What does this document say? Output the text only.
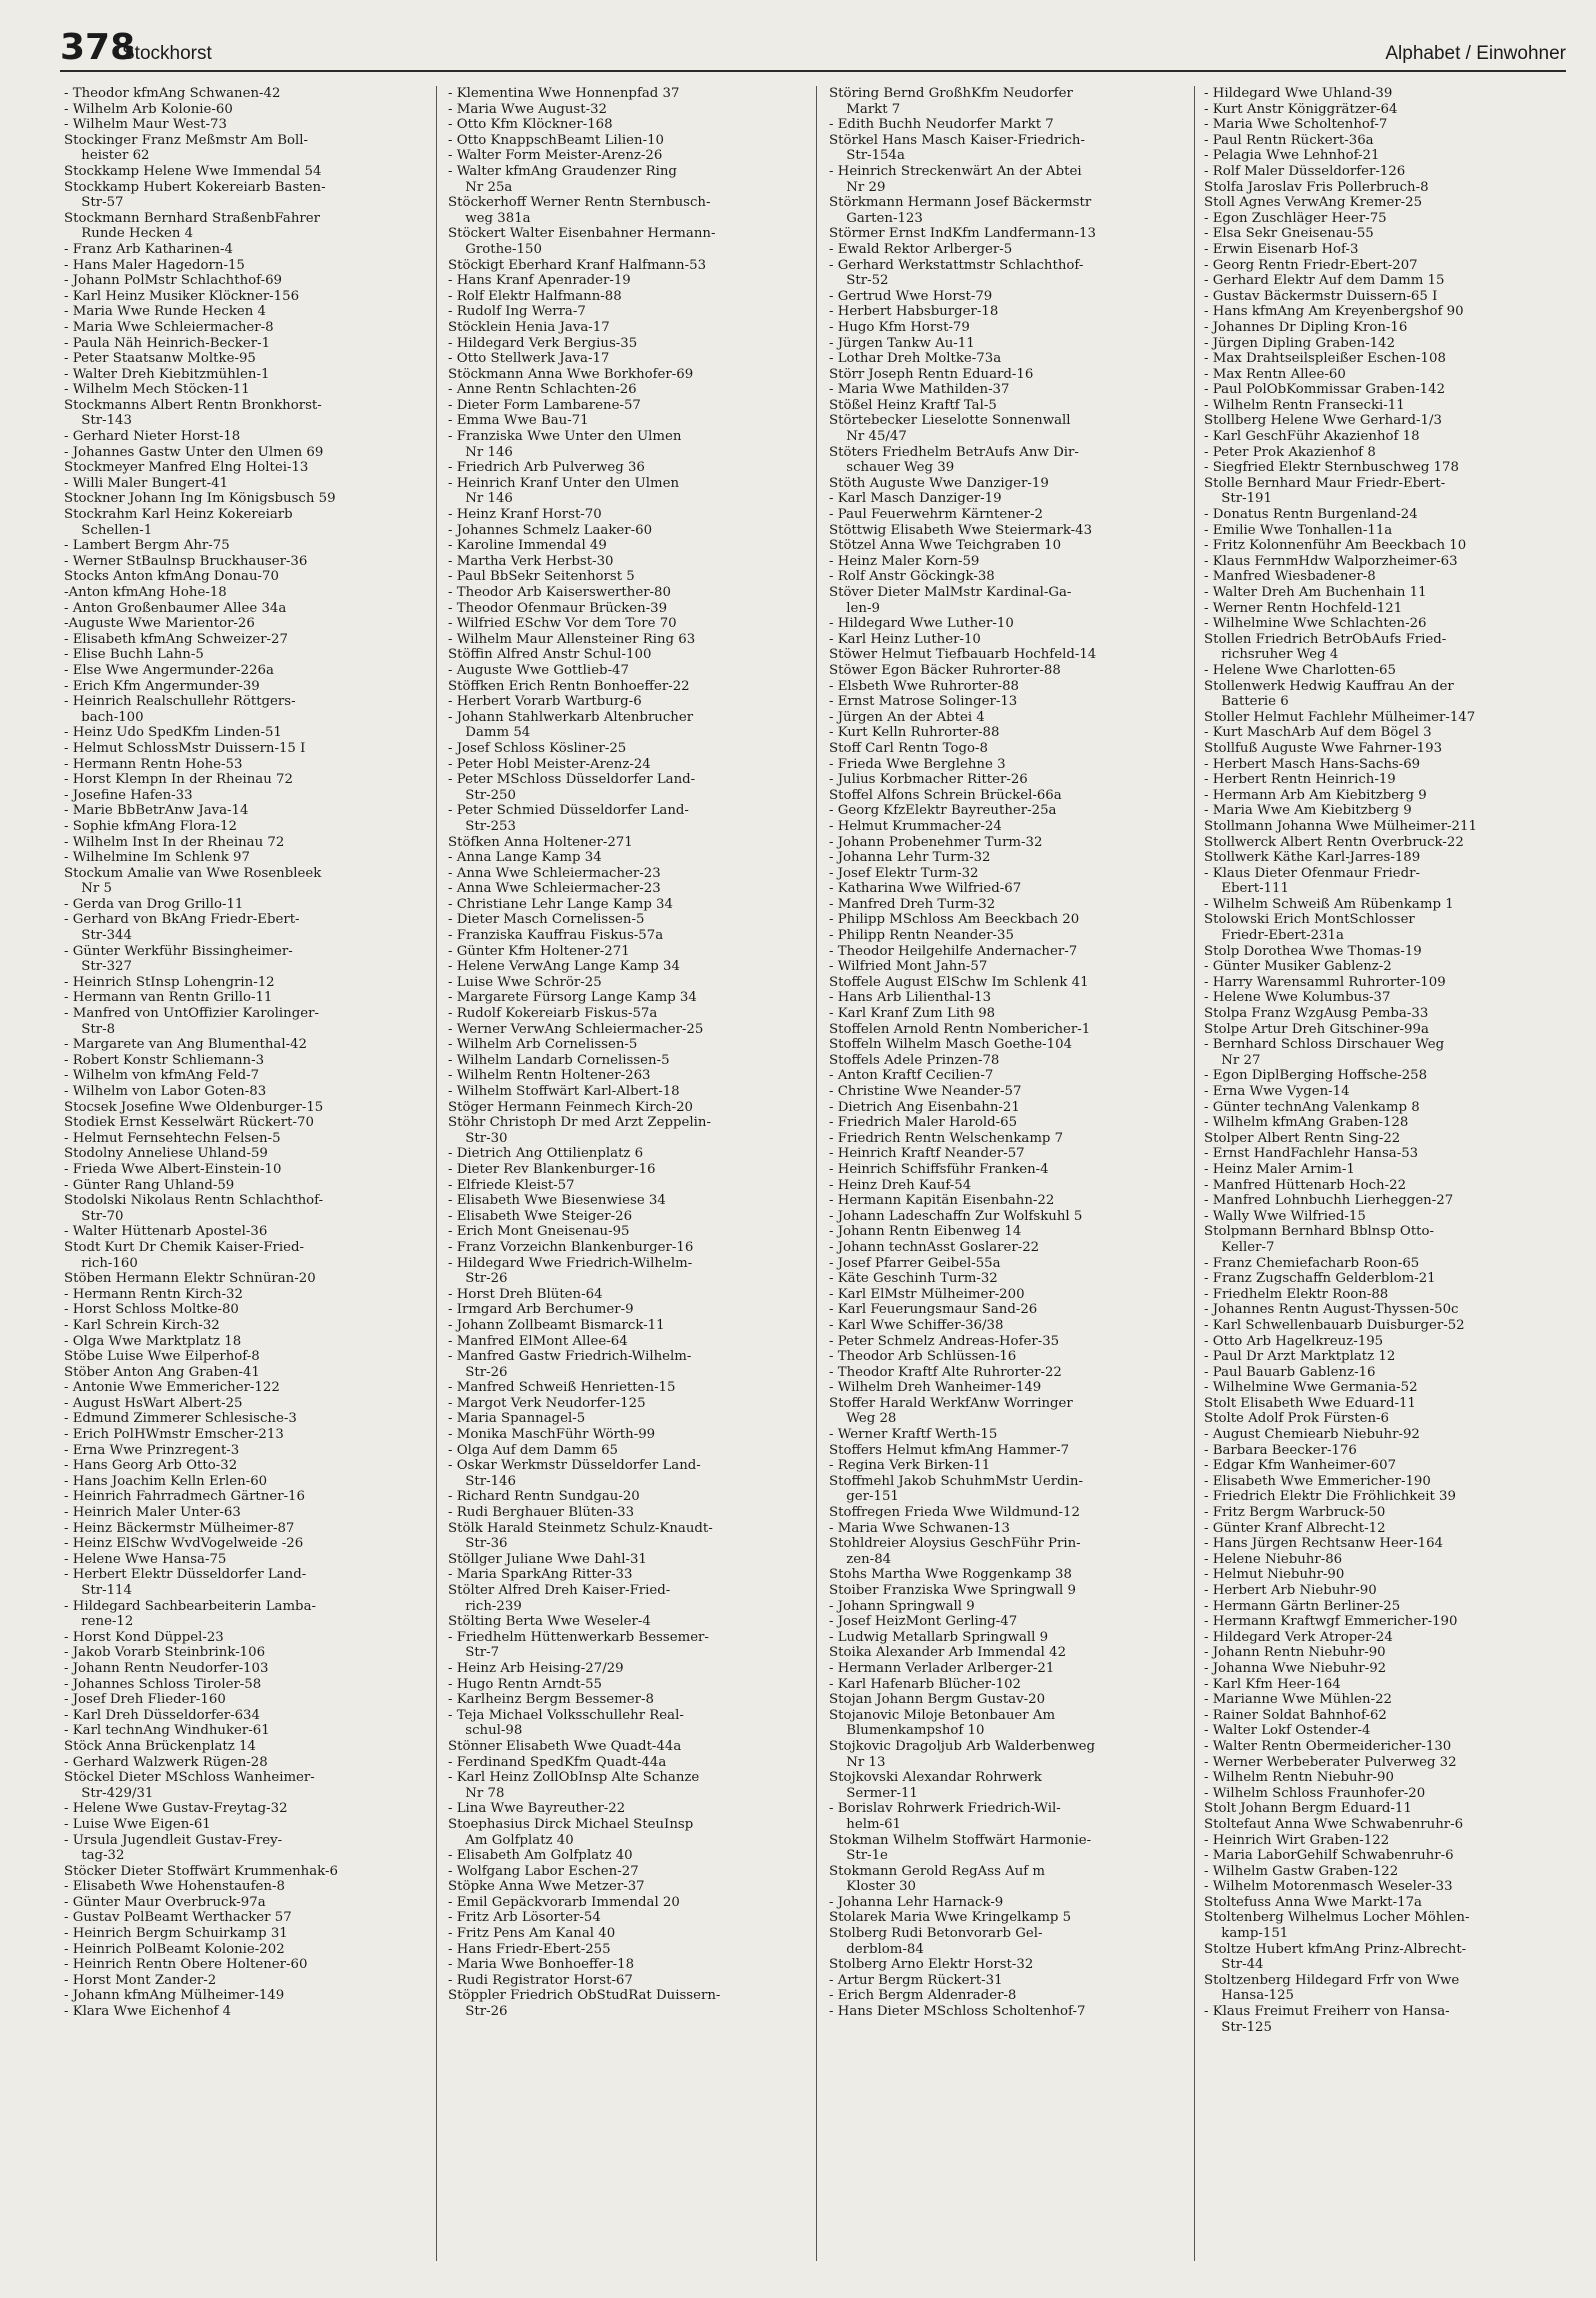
378
Stockhorst	Alphabet / Einwohner
- Theodor kfmAng Schwanen-42
- Wilhelm Arb Kolonie-60
- Wilhelm Maur West-73
Stockinger Franz Meßmstr Am Boll-
heister 62
Stockkamp Helene Wwe Immendal 54
Stockkamp Hubert Kokereiarb Basten-
Str-57
Stockmann Bernhard StraßenbFahrer
Runde Hecken 4
- Franz Arb Katharinen-4
- Hans Maler Hagedorn-15
- Johann PolMstr Schlachthof-69
- Karl Heinz Musiker Klöckner-156
- Maria Wwe Runde Hecken 4
- Maria Wwe Schleiermacher-8
- Paula Näh Heinrich-Becker-1
- Peter Staatsanw Moltke-95
- Walter Dreh Kiebitzmühlen-1
- Wilhelm Mech Stöcken-11
Stockmanns Albert Rentn Bronkhorst-
Str-143
- Gerhard Nieter Horst-18
- Johannes Gastw Unter den Ulmen 69
Stockmeyer Manfred Elng Holtei-13
- Willi Maler Bungert-41
Stockner Johann Ing Im Königsbusch 59
Stockrahm Karl Heinz Kokereiarb
Schellen-1
- Lambert Bergm Ahr-75
- Werner StBaulnsp Bruckhauser-36
Stocks Anton kfmAng Donau-70
-Anton kfmAng Hohe-18
- Anton Großenbaumer Allee 34a
-Auguste Wwe Marientor-26
- Elisabeth kfmAng Schweizer-27
- Elise Buchh Lahn-5
- Else Wwe Angermunder-226a
- Erich Kfm Angermunder-39
- Heinrich Realschullehr Röttgers-
bach-100
- Heinz Udo SpedKfm Linden-51
- Helmut SchlossMstr Duissern-15 I
- Hermann Rentn Hohe-53
- Horst Klempn In der Rheinau 72
- Josefine Hafen-33
- Marie BbBetrAnw Java-14
- Sophie kfmAng Flora-12
- Wilhelm Inst In der Rheinau 72
- Wilhelmine Im Schlenk 97
Stockum Amalie van Wwe Rosenbleek
Nr 5
- Gerda van Drog Grillo-11
- Gerhard von BkAng Friedr-Ebert-
Str-344
- Günter Werkführ Bissingheimer-
Str-327
- Heinrich StInsp Lohengrin-12
- Hermann van Rentn Grillo-11
- Manfred von UntOffizier Karolinger-
Str-8
- Margarete van Ang Blumenthal-42
- Robert Konstr Schliemann-3
- Wilhelm von kfmAng Feld-7
- Wilhelm von Labor Goten-83
Stocsek Josefine Wwe Oldenburger-15
Stodiek Ernst Kesselwärt Rückert-70
- Helmut Fernsehtechn Felsen-5
Stodolny Anneliese Uhland-59
- Frieda Wwe Albert-Einstein-10
- Günter Rang Uhland-59
Stodolski Nikolaus Rentn Schlachthof-
Str-70
- Walter Hüttenarb Apostel-36
Stodt Kurt Dr Chemik Kaiser-Fried-
rich-160
Stöben Hermann Elektr Schnüran-20
- Hermann Rentn Kirch-32
- Horst Schloss Moltke-80
- Karl Schrein Kirch-32
- Olga Wwe Marktplatz 18
Stöbe Luise Wwe Eilperhof-8
Stöber Anton Ang Graben-41
- Antonie Wwe Emmericher-122
- August HsWart Albert-25
- Edmund Zimmerer Schlesische-3
- Erich PolHWmstr Emscher-213
- Erna Wwe Prinzregent-3
- Hans Georg Arb Otto-32
- Hans Joachim Kelln Erlen-60
- Heinrich Fahrradmech Gärtner-16
- Heinrich Maler Unter-63
- Heinz Bäckermstr Mülheimer-87
- Heinz ElSchw WvdVogelweide -26
- Helene Wwe Hansa-75
- Herbert Elektr Düsseldorfer Land-
Str-114
- Hildegard Sachbearbeiterin Lamba-
rene-12
- Horst Kond Düppel-23
- Jakob Vorarb Steinbrink-106
- Johann Rentn Neudorfer-103
- Johannes Schloss Tiroler-58
- Josef Dreh Flieder-160
- Karl Dreh Düsseldorfer-634
- Karl technAng Windhuker-61
Stöck Anna Brückenplatz 14
- Gerhard Walzwerk Rügen-28
Stöckel Dieter MSchloss Wanheimer-
Str-429/31
- Helene Wwe Gustav-Freytag-32
- Luise Wwe Eigen-61
- Ursula Jugendleit Gustav-Frey-
tag-32
Stöcker Dieter Stoffwärt Krummenhak-6
- Elisabeth Wwe Hohenstaufen-8
- Günter Maur Overbruck-97a
- Gustav PolBeamt Werthacker 57
- Heinrich Bergm Schuirkamp 31
- Heinrich PolBeamt Kolonie-202
- Heinrich Rentn Obere Holtener-60
- Horst Mont Zander-2
- Johann kfmAng Mülheimer-149
- Klara Wwe Eichenhof 4
- Klementina Wwe Honnenpfad 37
- Maria Wwe August-32
- Otto Kfm Klöckner-168
- Otto KnappschBeamt Lilien-10
- Walter Form Meister-Arenz-26
- Walter kfmAng Graudenzer Ring
Nr 25a
Stöckerhoff Werner Rentn Sternbusch-
weg 381a
Stöckert Walter Eisenbahner Hermann-
Grothe-150
Stöckigt Eberhard Kranf Halfmann-53
- Hans Kranf Apenrader-19
- Rolf Elektr Halfmann-88
- Rudolf Ing Werra-7
Stöcklein Henia Java-17
- Hildegard Verk Bergius-35
- Otto Stellwerk Java-17
Stöckmann Anna Wwe Borkhofer-69
- Anne Rentn Schlachten-26
- Dieter Form Lambarene-57
- Emma Wwe Bau-71
- Franziska Wwe Unter den Ulmen
Nr 146
- Friedrich Arb Pulverweg 36
- Heinrich Kranf Unter den Ulmen
Nr 146
- Heinz Kranf Horst-70
- Johannes Schmelz Laaker-60
- Karoline Immendal 49
- Martha Verk Herbst-30
- Paul BbSekr Seitenhorst 5
- Theodor Arb Kaiserswerther-80
- Theodor Ofenmaur Brücken-39
- Wilfried ESchw Vor dem Tore 70
- Wilhelm Maur Allensteiner Ring 63
Stöffin Alfred Anstr Schul-100
- Auguste Wwe Gottlieb-47
Stöffken Erich Rentn Bonhoeffer-22
- Herbert Vorarb Wartburg-6
- Johann Stahlwerkarb Altenbrucher
Damm 54
- Josef Schloss Kösliner-25
- Peter Hobl Meister-Arenz-24
- Peter MSchloss Düsseldorfer Land-
Str-250
- Peter Schmied Düsseldorfer Land-
Str-253
Stöfken Anna Holtener-271
- Anna Lange Kamp 34
- Anna Wwe Schleiermacher-23
- Anna Wwe Schleiermacher-23
- Christiane Lehr Lange Kamp 34
- Dieter Masch Cornelissen-5
- Franziska Kauffrau Fiskus-57a
- Günter Kfm Holtener-271
- Helene VerwAng Lange Kamp 34
- Luise Wwe Schrör-25
- Margarete Fürsorg Lange Kamp 34
- Rudolf Kokereiarb Fiskus-57a
- Werner VerwAng Schleiermacher-25
- Wilhelm Arb Cornelissen-5
- Wilhelm Landarb Cornelissen-5
- Wilhelm Rentn Holtener-263
- Wilhelm Stoffwärt Karl-Albert-18
Stöger Hermann Feinmech Kirch-20
Stöhr Christoph Dr med Arzt Zeppelin-
Str-30
- Dietrich Ang Ottilienplatz 6
- Dieter Rev Blankenburger-16
- Elfriede Kleist-57
- Elisabeth Wwe Biesenwiese 34
- Elisabeth Wwe Steiger-26
- Erich Mont Gneisenau-95
- Franz Vorzeichn Blankenburger-16
- Hildegard Wwe Friedrich-Wilhelm-
Str-26
- Horst Dreh Blüten-64
- Irmgard Arb Berchumer-9
- Johann Zollbeamt Bismarck-11
- Manfred ElMont Allee-64
- Manfred Gastw Friedrich-Wilhelm-
Str-26
- Manfred Schweiß Henrietten-15
- Margot Verk Neudorfer-125
- Maria Spannagel-5
- Monika MaschFühr Wörth-99
- Olga Auf dem Damm 65
- Oskar Werkmstr Düsseldorfer Land-
Str-146
- Richard Rentn Sundgau-20
- Rudi Berghauer Blüten-33
Stölk Harald Steinmetz Schulz-Knaudt-
Str-36
Stöllger Juliane Wwe Dahl-31
- Maria SparkAng Ritter-33
Stölter Alfred Dreh Kaiser-Fried-
rich-239
Stölting Berta Wwe Weseler-4
- Friedhelm Hüttenwerkarb Bessemer-
Str-7
- Heinz Arb Heising-27/29
- Hugo Rentn Arndt-55
- Karlheinz Bergm Bessemer-8
- Teja Michael Volksschullehr Real-
schul-98
Stönner Elisabeth Wwe Quadt-44a
- Ferdinand SpedKfm Quadt-44a
- Karl Heinz ZollObInsp Alte Schanze
Nr 78
- Lina Wwe Bayreuther-22
Stoephasius Dirck Michael SteuInsp
Am Golfplatz 40
- Elisabeth Am Golfplatz 40
- Wolfgang Labor Eschen-27
Stöpke Anna Wwe Metzer-37
- Emil Gepäckvorarb Immendal 20
- Fritz Arb Lösorter-54
- Fritz Pens Am Kanal 40
- Hans Friedr-Ebert-255
- Maria Wwe Bonhoeffer-18
- Rudi Registrator Horst-67
Stöppler Friedrich ObStudRat Duissern-
Str-26
Störing Bernd GroßhKfm Neudorfer
Markt 7
- Edith Buchh Neudorfer Markt 7
Störkel Hans Masch Kaiser-Friedrich-
Str-154a
- Heinrich Streckenwärt An der Abtei
Nr 29
Störkmann Hermann Josef Bäckermstr
Garten-123
Störmer Ernst IndKfm Landfermann-13
- Ewald Rektor Arlberger-5
- Gerhard Werkstattmstr Schlachthof-
Str-52
- Gertrud Wwe Horst-79
- Herbert Habsburger-18
- Hugo Kfm Horst-79
- Jürgen Tankw Au-11
- Lothar Dreh Moltke-73a
Störr Joseph Rentn Eduard-16
- Maria Wwe Mathilden-37
Stößel Heinz Kraftf Tal-5
Störtebecker Lieselotte Sonnenwall
Nr 45/47
Stöters Friedhelm BetrAufs Anw Dir-
schauer Weg 39
Stöth Auguste Wwe Danziger-19
- Karl Masch Danziger-19
- Paul Feuerwehrm Kärntener-2
Stöttwig Elisabeth Wwe Steiermark-43
Stötzel Anna Wwe Teichgraben 10
- Heinz Maler Korn-59
- Rolf Anstr Göckingk-38
Stöver Dieter MalMstr Kardinal-Ga-
len-9
- Hildegard Wwe Luther-10
- Karl Heinz Luther-10
Stöwer Helmut Tiefbauarb Hochfeld-14
Stöwer Egon Bäcker Ruhrorter-88
- Elsbeth Wwe Ruhrorter-88
- Ernst Matrose Solinger-13
- Jürgen An der Abtei 4
- Kurt Kelln Ruhrorter-88
Stoff Carl Rentn Togo-8
- Frieda Wwe Berglehne 3
- Julius Korbmacher Ritter-26
Stoffel Alfons Schrein Brückel-66a
- Georg KfzElektr Bayreuther-25a
- Helmut Krummacher-24
- Johann Probenehmer Turm-32
- Johanna Lehr Turm-32
- Josef Elektr Turm-32
- Katharina Wwe Wilfried-67
- Manfred Dreh Turm-32
- Philipp MSchloss Am Beeckbach 20
- Philipp Rentn Neander-35
- Theodor Heilgehilfe Andernacher-7
- Wilfried Mont Jahn-57
Stoffele August ElSchw Im Schlenk 41
- Hans Arb Lilienthal-13
- Karl Kranf Zum Lith 98
Stoffelen Arnold Rentn Nombericher-1
Stoffeln Wilhelm Masch Goethe-104
Stoffels Adele Prinzen-78
- Anton Kraftf Cecilien-7
- Christine Wwe Neander-57
- Dietrich Ang Eisenbahn-21
- Friedrich Maler Harold-65
- Friedrich Rentn Welschenkamp 7
- Heinrich Kraftf Neander-57
- Heinrich Schiffsführ Franken-4
- Heinz Dreh Kauf-54
- Hermann Kapitän Eisenbahn-22
- Johann Ladeschaffn Zur Wolfskuhl 5
- Johann Rentn Eibenweg 14
- Johann technAsst Goslarer-22
- Josef Pfarrer Geibel-55a
- Käte Geschinh Turm-32
- Karl ElMstr Mülheimer-200
- Karl Feuerungsmaur Sand-26
- Karl Wwe Schiffer-36/38
- Peter Schmelz Andreas-Hofer-35
- Theodor Arb Schlüssen-16
- Theodor Kraftf Alte Ruhrorter-22
- Wilhelm Dreh Wanheimer-149
Stoffer Harald WerkfAnw Worringer
Weg 28
- Werner Kraftf Werth-15
Stoffers Helmut kfmAng Hammer-7
- Regina Verk Birken-11
Stoffmehl Jakob SchuhmMstr Uerdin-
ger-151
Stoffregen Frieda Wwe Wildmund-12
- Maria Wwe Schwanen-13
Stohldreier Aloysius GeschFühr Prin-
zen-84
Stohs Martha Wwe Roggenkamp 38
Stoiber Franziska Wwe Springwall 9
- Johann Springwall 9
- Josef HeizMont Gerling-47
- Ludwig Metallarb Springwall 9
Stoika Alexander Arb Immendal 42
- Hermann Verlader Arlberger-21
- Karl Hafenarb Blücher-102
Stojan Johann Bergm Gustav-20
Stojanovic Miloje Betonbauer Am
Blumenkampshof 10
Stojkovic Dragoljub Arb Walderbenweg
Nr 13
Stojkovski Alexandar Rohrwerk
Sermer-11
- Borislav Rohrwerk Friedrich-Wil-
helm-61
Stokman Wilhelm Stoffwärt Harmonie-
Str-1e
Stokmann Gerold RegAss Auf m
Kloster 30
- Johanna Lehr Harnack-9
Stolarek Maria Wwe Kringelkamp 5
Stolberg Rudi Betonvorarb Gel-
derblom-84
Stolberg Arno Elektr Horst-32
- Artur Bergm Rückert-31
- Erich Bergm Aldenrader-8
- Hans Dieter MSchloss Scholtenhof-7
- Hildegard Wwe Uhland-39
- Kurt Anstr Königgrätzer-64
- Maria Wwe Scholtenhof-7
- Paul Rentn Rückert-36a
- Pelagia Wwe Lehnhof-21
- Rolf Maler Düsseldorfer-126
Stolfa Jaroslav Fris Pollerbruch-8
Stoll Agnes VerwAng Kremer-25
- Egon Zuschläger Heer-75
- Elsa Sekr Gneisenau-55
- Erwin Eisenarb Hof-3
- Georg Rentn Friedr-Ebert-207
- Gerhard Elektr Auf dem Damm 15
- Gustav Bäckermstr Duissern-65 I
- Hans kfmAng Am Kreyenbergshof 90
- Johannes Dr Dipling Kron-16
- Jürgen Dipling Graben-142
- Max Drahtseilspleißer Eschen-108
- Max Rentn Allee-60
- Paul PolObKommissar Graben-142
- Wilhelm Rentn Fransecki-11
Stollberg Helene Wwe Gerhard-1/3
- Karl GeschFühr Akazienhof 18
- Peter Prok Akazienhof 8
- Siegfried Elektr Sternbuschweg 178
Stolle Bernhard Maur Friedr-Ebert-
Str-191
- Donatus Rentn Burgenland-24
- Emilie Wwe Tonhallen-11a
- Fritz Kolonnenführ Am Beeckbach 10
- Klaus FernmHdw Walporzheimer-63
- Manfred Wiesbadener-8
- Walter Dreh Am Buchenhain 11
- Werner Rentn Hochfeld-121
- Wilhelmine Wwe Schlachten-26
Stollen Friedrich BetrObAufs Fried-
richsruher Weg 4
- Helene Wwe Charlotten-65
Stollenwerk Hedwig Kauffrau An der
Batterie 6
Stoller Helmut Fachlehr Mülheimer-147
- Kurt MaschArb Auf dem Bögel 3
Stollfuß Auguste Wwe Fahrner-193
- Herbert Masch Hans-Sachs-69
- Herbert Rentn Heinrich-19
- Hermann Arb Am Kiebitzberg 9
- Maria Wwe Am Kiebitzberg 9
Stollmann Johanna Wwe Mülheimer-211
Stollwerck Albert Rentn Overbruck-22
Stollwerk Käthe Karl-Jarres-189
- Klaus Dieter Ofenmaur Friedr-
Ebert-111
- Wilhelm Schweiß Am Rübenkamp 1
Stolowski Erich MontSchlosser
Friedr-Ebert-231a
Stolp Dorothea Wwe Thomas-19
- Günter Musiker Gablenz-2
- Harry Warensamml Ruhrorter-109
- Helene Wwe Kolumbus-37
Stolpa Franz WzgAusg Pemba-33
Stolpe Artur Dreh Gitschiner-99a
- Bernhard Schloss Dirschauer Weg
Nr 27
- Egon DiplBerging Hoffsche-258
- Erna Wwe Vygen-14
- Günter technAng Valenkamp 8
- Wilhelm kfmAng Graben-128
Stolper Albert Rentn Sing-22
- Ernst HandFachlehr Hansa-53
- Heinz Maler Arnim-1
- Manfred Hüttenarb Hoch-22
- Manfred Lohnbuchh Lierheggen-27
- Wally Wwe Wilfried-15
Stolpmann Bernhard Bblnsp Otto-
Keller-7
- Franz Chemiefacharb Roon-65
- Franz Zugschaffn Gelderblom-21
- Friedhelm Elektr Roon-88
- Johannes Rentn August-Thyssen-50c
- Karl Schwellenbauarb Duisburger-52
- Otto Arb Hagelkreuz-195
- Paul Dr Arzt Marktplatz 12
- Paul Bauarb Gablenz-16
- Wilhelmine Wwe Germania-52
Stolt Elisabeth Wwe Eduard-11
Stolte Adolf Prok Fürsten-6
- August Chemiearb Niebuhr-92
- Barbara Beecker-176
- Edgar Kfm Wanheimer-607
- Elisabeth Wwe Emmericher-190
- Friedrich Elektr Die Fröhlichkeit 39
- Fritz Bergm Warbruck-50
- Günter Kranf Albrecht-12
- Hans Jürgen Rechtsanw Heer-164
- Helene Niebuhr-86
- Helmut Niebuhr-90
- Herbert Arb Niebuhr-90
- Hermann Gärtn Berliner-25
- Hermann Kraftwgf Emmericher-190
- Hildegard Verk Atroper-24
- Johann Rentn Niebuhr-90
- Johanna Wwe Niebuhr-92
- Karl Kfm Heer-164
- Marianne Wwe Mühlen-22
- Rainer Soldat Bahnhof-62
- Walter Lokf Ostender-4
- Walter Rentn Obermeidericher-130
- Werner Werbeberater Pulverweg 32
- Wilhelm Rentn Niebuhr-90
- Wilhelm Schloss Fraunhofer-20
Stolt Johann Bergm Eduard-11
Stoltefaut Anna Wwe Schwabenruhr-6
- Heinrich Wirt Graben-122
- Maria LaborGehilf Schwabenruhr-6
- Wilhelm Gastw Graben-122
- Wilhelm Motorenmasch Weseler-33
Stoltefuss Anna Wwe Markt-17a
Stoltenberg Wilhelmus Locher Möhlen-
kamp-151
Stoltze Hubert kfmAng Prinz-Albrecht-
Str-44
Stoltzenberg Hildegard Frfr von Wwe
Hansa-125
- Klaus Freimut Freiherr von Hansa-
Str-125
